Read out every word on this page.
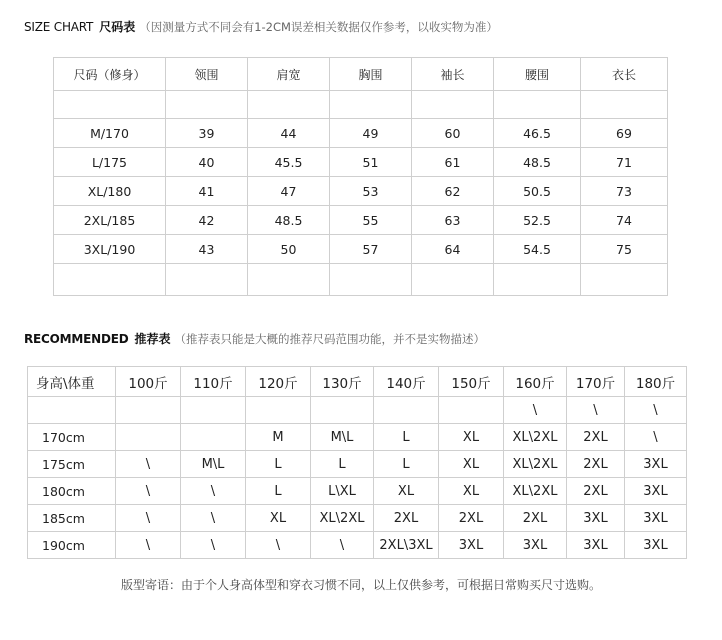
SIZE CHART 尺码表 （因测量方式不同会有1-2CM误差相关数据仅作参考，以收实物为准）
尺码（修身）	领围	肩宽	胸围	袖长	腰围	衣长

M/170	39	44	49	60	46.5	69
L/175	40	45.5	51	61	48.5	71
XL/180	41	47	53	62	50.5	73
2XL/185	42	48.5	55	63	52.5	74
3XL/190	43	50	57	64	54.5	75

RECOMMENDED 推荐表 （推荐表只能是大概的推荐尺码范围功能，并不是实物描述）
身高\体重	100斤	110斤	120斤	130斤	140斤	150斤	160斤	170斤	180斤
							\	\	\
170cm			M	M\L	L	XL	XL\2XL	2XL	\
175cm	\	M\L	L	L	L	XL	XL\2XL	2XL	3XL
180cm	\	\	L	L\XL	XL	XL	XL\2XL	2XL	3XL
185cm	\	\	XL	XL\2XL	2XL	2XL	2XL	3XL	3XL
190cm	\	\	\	\	2XL\3XL	3XL	3XL	3XL	3XL
版型寄语：由于个人身高体型和穿衣习惯不同，以上仅供参考，可根据日常购买尺寸选购。
